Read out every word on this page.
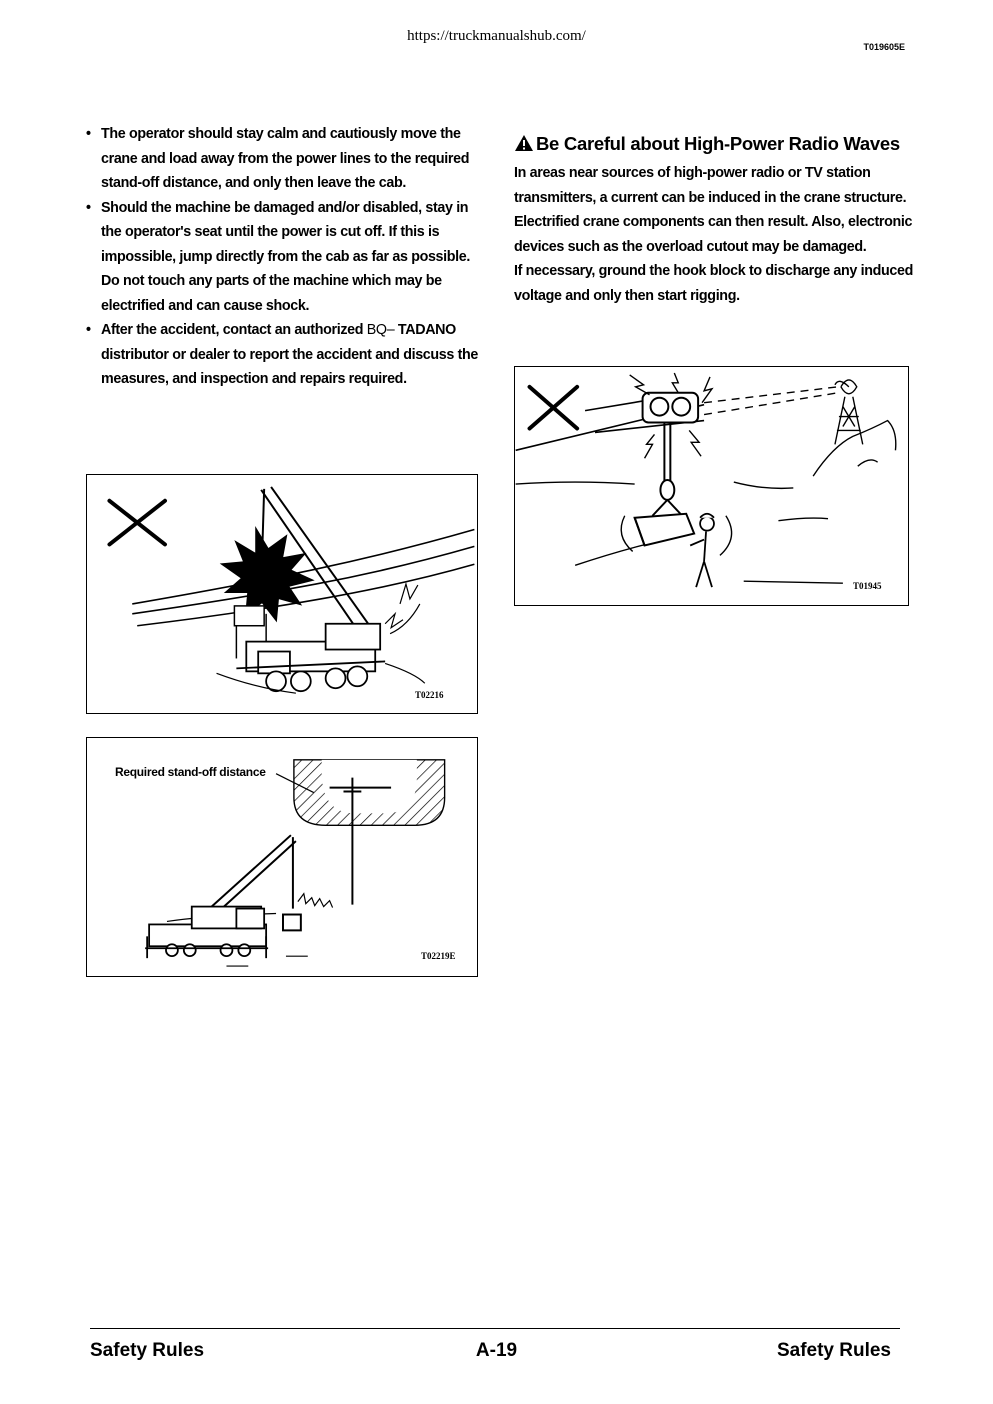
https://truckmanualshub.com/
T019605E
• The operator should stay calm and cautiously move the crane and load away from the power lines to the required stand-off distance, and only then leave the cab.
• Should the machine be damaged and/or disabled, stay in the operator's seat until the power is cut off. If this is impossible, jump directly from the cab as far as possible. Do not touch any parts of the machine which may be electrified and can cause shock.
• After the accident, contact an authorized BQ– TADANO distributor or dealer to report the accident and discuss the measures, and inspection and repairs required.
T02216
Required stand-off distance
T02219E
Be Careful about High-Power Radio Waves

In areas near sources of high-power radio or TV station transmitters, a current can be induced in the crane structure. Electrified crane components can then result. Also, electronic devices such as the overload cutout may be damaged.

If necessary, ground the hook block to discharge any induced voltage and only then start rigging.

T01945
Safety Rules	A-19	Safety Rules
